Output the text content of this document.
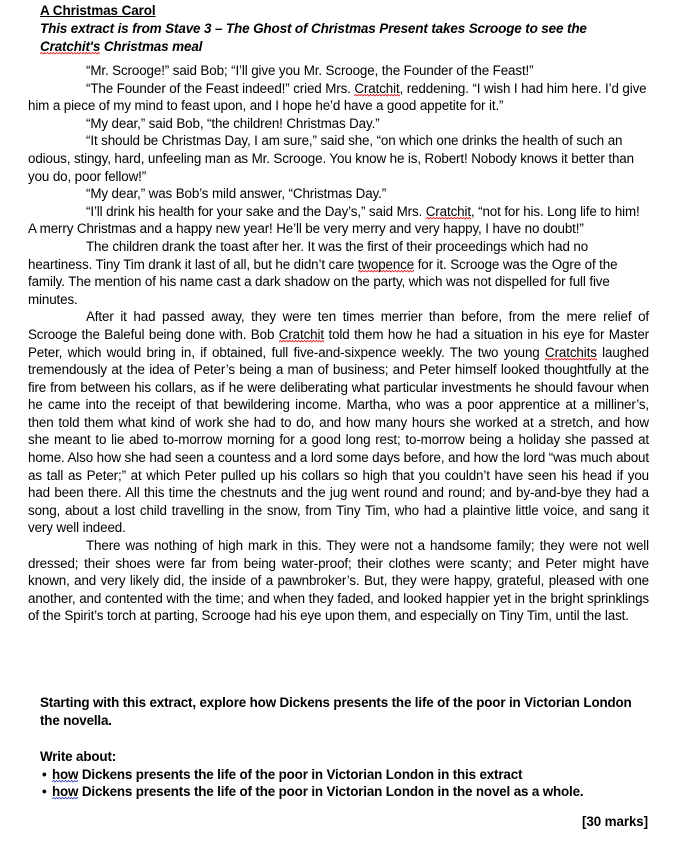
A Christmas Carol
This extract is from Stave 3 – The Ghost of Christmas Present takes Scrooge to see the Cratchit's Christmas meal

“Mr. Scrooge!” said Bob; “I’ll give you Mr. Scrooge, the Founder of the Feast!”

“The Founder of the Feast indeed!” cried Mrs. Cratchit, reddening. “I wish I had him here. I’d give him a piece of my mind to feast upon, and I hope he’d have a good appetite for it.”

“My dear,” said Bob, “the children! Christmas Day.”

“It should be Christmas Day, I am sure,” said she, “on which one drinks the health of such an odious, stingy, hard, unfeeling man as Mr. Scrooge. You know he is, Robert! Nobody knows it better than you do, poor fellow!”

“My dear,” was Bob’s mild answer, “Christmas Day.”

“I’ll drink his health for your sake and the Day’s,” said Mrs. Cratchit, “not for his. Long life to him! A merry Christmas and a happy new year! He’ll be very merry and very happy, I have no doubt!”

The children drank the toast after her. It was the first of their proceedings which had no heartiness. Tiny Tim drank it last of all, but he didn’t care twopence for it. Scrooge was the Ogre of the family. The mention of his name cast a dark shadow on the party, which was not dispelled for full five minutes.

After it had passed away, they were ten times merrier than before, from the mere relief of Scrooge the Baleful being done with. Bob Cratchit told them how he had a situation in his eye for Master Peter, which would bring in, if obtained, full five-and-sixpence weekly. The two young Cratchits laughed tremendously at the idea of Peter’s being a man of business; and Peter himself looked thoughtfully at the fire from between his collars, as if he were deliberating what particular investments he should favour when he came into the receipt of that bewildering income. Martha, who was a poor apprentice at a milliner’s, then told them what kind of work she had to do, and how many hours she worked at a stretch, and how she meant to lie abed to-morrow morning for a good long rest; to-morrow being a holiday she passed at home. Also how she had seen a countess and a lord some days before, and how the lord “was much about as tall as Peter;” at which Peter pulled up his collars so high that you couldn’t have seen his head if you had been there. All this time the chestnuts and the jug went round and round; and by-and-bye they had a song, about a lost child travelling in the snow, from Tiny Tim, who had a plaintive little voice, and sang it very well indeed.

There was nothing of high mark in this. They were not a handsome family; they were not well dressed; their shoes were far from being water-proof; their clothes were scanty; and Peter might have known, and very likely did, the inside of a pawnbroker’s. But, they were happy, grateful, pleased with one another, and contented with the time; and when they faded, and looked happier yet in the bright sprinklings of the Spirit’s torch at parting, Scrooge had his eye upon them, and especially on Tiny Tim, until the last.

Starting with this extract, explore how Dickens presents the life of the poor in Victorian London the novella.
Write about:
• how Dickens presents the life of the poor in Victorian London in this extract
• how Dickens presents the life of the poor in Victorian London in the novel as a whole.
[30 marks]
